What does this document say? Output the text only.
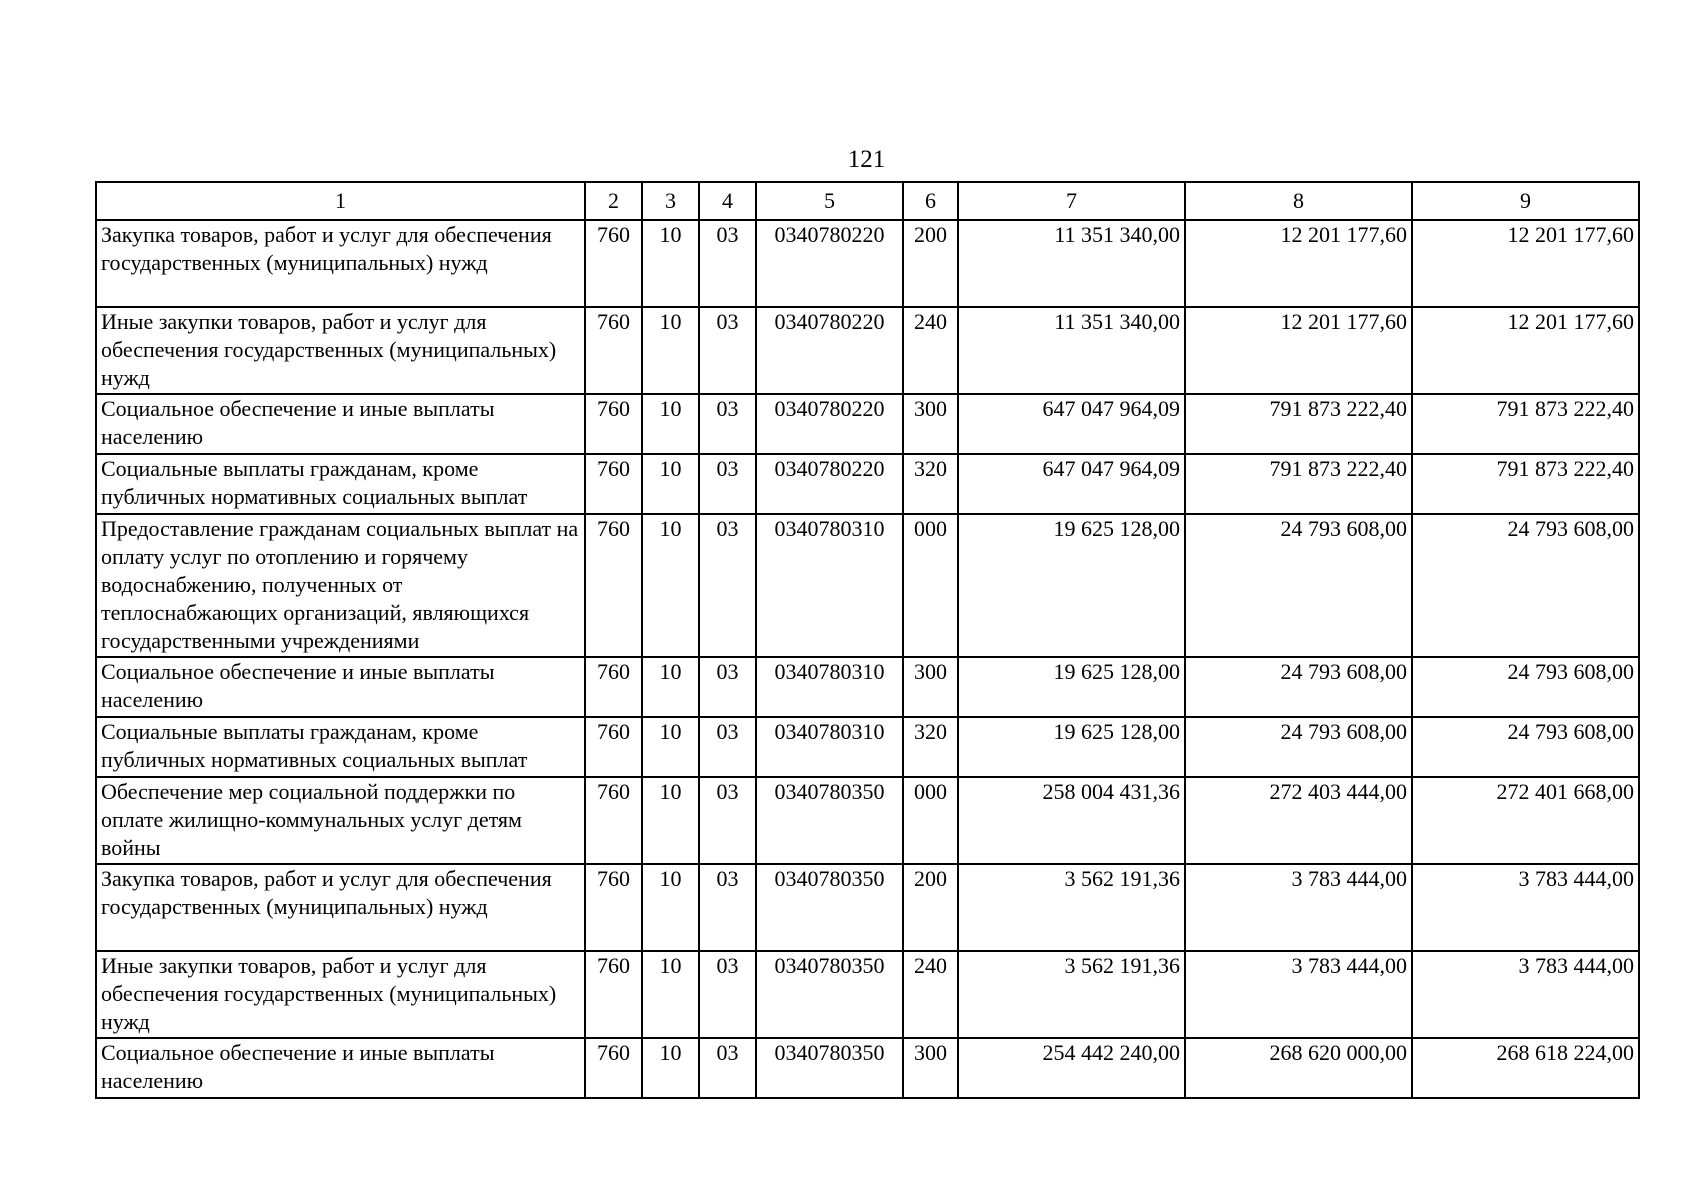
121
1	2	3	4	5	6	7	8	9
Закупка товаров, работ и услуг для обеспечения государственных (муниципальных) нужд	760	10	03	0340780220	200	11 351 340,00	12 201 177,60	12 201 177,60
Иные закупки товаров, работ и услуг для обеспечения государственных (муниципальных) нужд	760	10	03	0340780220	240	11 351 340,00	12 201 177,60	12 201 177,60
Социальное обеспечение и иные выплаты населению	760	10	03	0340780220	300	647 047 964,09	791 873 222,40	791 873 222,40
Социальные выплаты гражданам, кроме публичных нормативных социальных выплат	760	10	03	0340780220	320	647 047 964,09	791 873 222,40	791 873 222,40
Предоставление гражданам социальных выплат на оплату услуг по отоплению и горячему водоснабжению, полученных от теплоснабжающих организаций, являющихся государственными учреждениями	760	10	03	0340780310	000	19 625 128,00	24 793 608,00	24 793 608,00
Социальное обеспечение и иные выплаты населению	760	10	03	0340780310	300	19 625 128,00	24 793 608,00	24 793 608,00
Социальные выплаты гражданам, кроме публичных нормативных социальных выплат	760	10	03	0340780310	320	19 625 128,00	24 793 608,00	24 793 608,00
Обеспечение мер социальной поддержки по оплате жилищно-коммунальных услуг детям войны	760	10	03	0340780350	000	258 004 431,36	272 403 444,00	272 401 668,00
Закупка товаров, работ и услуг для обеспечения государственных (муниципальных) нужд	760	10	03	0340780350	200	3 562 191,36	3 783 444,00	3 783 444,00
Иные закупки товаров, работ и услуг для обеспечения государственных (муниципальных) нужд	760	10	03	0340780350	240	3 562 191,36	3 783 444,00	3 783 444,00
Социальное обеспечение и иные выплаты населению	760	10	03	0340780350	300	254 442 240,00	268 620 000,00	268 618 224,00
